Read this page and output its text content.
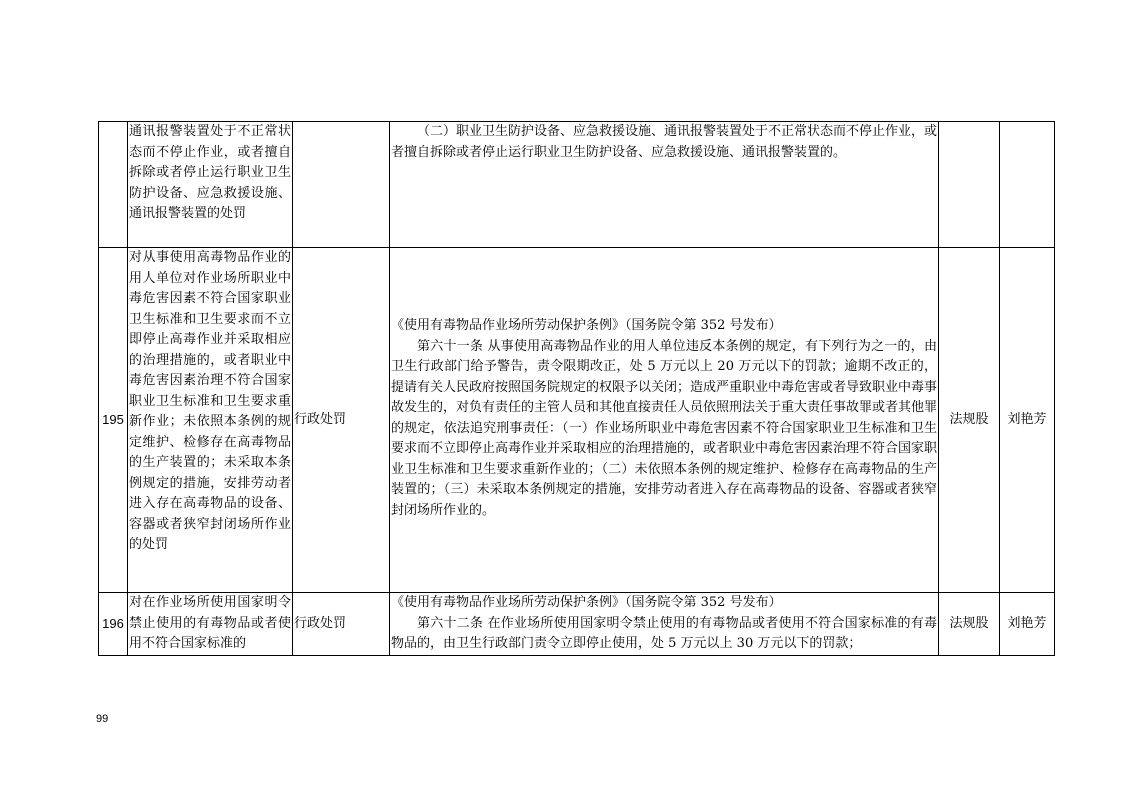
	通讯报警装置处于不正常状态而不停止作业，或者擅自拆除或者停止运行职业卫生防护设备、应急救援设施、通讯报警装置的处罚		（二）职业卫生防护设备、应急救援设施、通讯报警装置处于不正常状态而不停止作业，或者擅自拆除或者停止运行职业卫生防护设备、应急救援设施、通讯报警装置的。		

195	对从事使用高毒物品作业的用人单位对作业场所职业中毒危害因素不符合国家职业卫生标准和卫生要求而不立即停止高毒作业并采取相应的治理措施的，或者职业中毒危害因素治理不符合国家职业卫生标准和卫生要求重新作业；未依照本条例的规定维护、检修存在高毒物品的生产装置的；未采取本条例规定的措施，安排劳动者进入存在高毒物品的设备、容器或者狭窄封闭场所作业的处罚	行政处罚	《使用有毒物品作业场所劳动保护条例》（国务院令第 352 号发布）
第六十一条 从事使用高毒物品作业的用人单位违反本条例的规定，有下列行为之一的，由卫生行政部门给予警告，责令限期改正，处 5 万元以上 20 万元以下的罚款；逾期不改正的，提请有关人民政府按照国务院规定的权限予以关闭；造成严重职业中毒危害或者导致职业中毒事故发生的，对负有责任的主管人员和其他直接责任人员依照刑法关于重大责任事故罪或者其他罪的规定，依法追究刑事责任：（一）作业场所职业中毒危害因素不符合国家职业卫生标准和卫生要求而不立即停止高毒作业并采取相应的治理措施的，或者职业中毒危害因素治理不符合国家职业卫生标准和卫生要求重新作业的；（二）未依照本条例的规定维护、检修存在高毒物品的生产装置的；（三）未采取本条例规定的措施，安排劳动者进入存在高毒物品的设备、容器或者狭窄封闭场所作业的。	法规股	刘艳芳
196	对在作业场所使用国家明令禁止使用的有毒物品或者使用不符合国家标准的	行政处罚	《使用有毒物品作业场所劳动保护条例》（国务院令第 352 号发布）
第六十二条 在作业场所使用国家明令禁止使用的有毒物品或者使用不符合国家标准的有毒物品的，由卫生行政部门责令立即停止使用，处 5 万元以上 30 万元以下的罚款；	法规股	刘艳芳
99
